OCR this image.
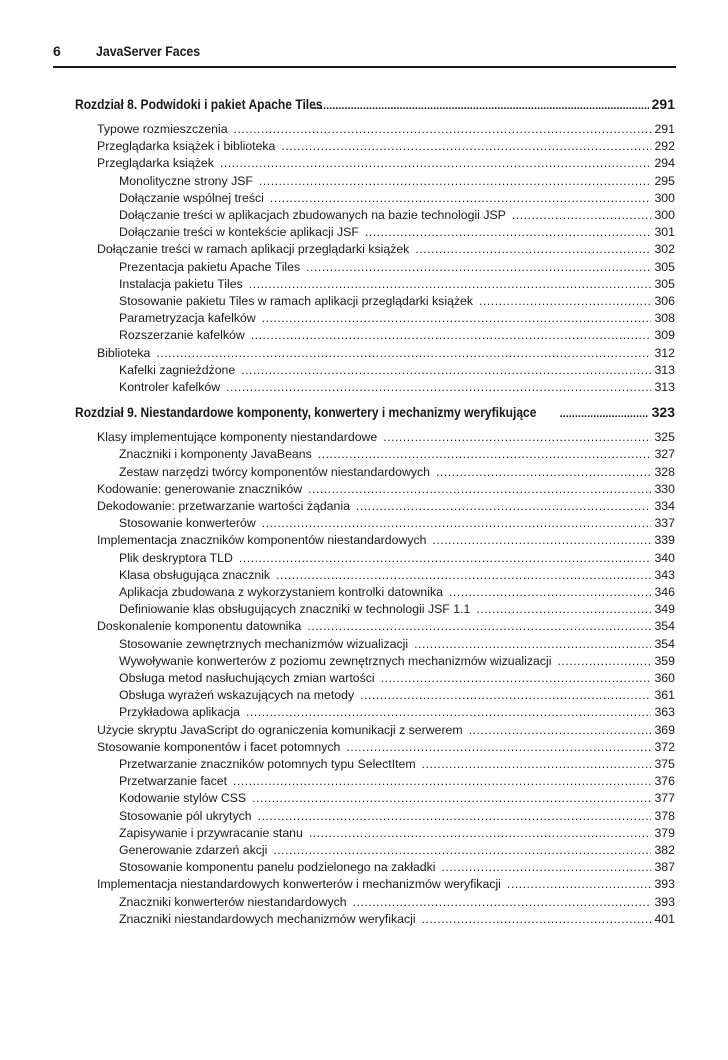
6	JavaServer Faces
Rozdział 8. Podwidoki i pakiet Apache Tiles .....	291
Typowe rozmieszczenia .....	291
Przeglądarka książek i biblioteka .....	292
Przeglądarka książek .....	294
Monolityczne strony JSF .....	295
Dołączanie wspólnej treści .....	300
Dołączanie treści w aplikacjach zbudowanych na bazie technologii JSP .....	300
Dołączanie treści w kontekście aplikacji JSF .....	301
Dołączanie treści w ramach aplikacji przeglądarki książek .....	302
Prezentacja pakietu Apache Tiles .....	305
Instalacja pakietu Tiles .....	305
Stosowanie pakietu Tiles w ramach aplikacji przeglądarki książek .....	306
Parametryzacja kafelków .....	308
Rozszerzanie kafelków .....	309
Biblioteka .....	312
Kafelki zagnieżdżone .....	313
Kontroler kafelków .....	313
Rozdział 9. Niestandardowe komponenty, konwertery i mechanizmy weryfikujące .....	323
Klasy implementujące komponenty niestandardowe .....	325
Znaczniki i komponenty JavaBeans .....	327
Zestaw narzędzi twórcy komponentów niestandardowych .....	328
Kodowanie: generowanie znaczników .....	330
Dekodowanie: przetwarzanie wartości żądania .....	334
Stosowanie konwerterów .....	337
Implementacja znaczników komponentów niestandardowych .....	339
Plik deskryptora TLD .....	340
Klasa obsługująca znacznik .....	343
Aplikacja zbudowana z wykorzystaniem kontrolki datownika .....	346
Definiowanie klas obsługujących znaczniki w technologii JSF 1.1 .....	349
Doskonalenie komponentu datownika .....	354
Stosowanie zewnętrznych mechanizmów wizualizacji .....	354
Wywoływanie konwerterów z poziomu zewnętrznych mechanizmów wizualizacji .....	359
Obsługa metod nasłuchujących zmian wartości .....	360
Obsługa wyrażeń wskazujących na metody .....	361
Przykładowa aplikacja .....	363
Użycie skryptu JavaScript do ograniczenia komunikacji z serwerem .....	369
Stosowanie komponentów i facet potomnych .....	372
Przetwarzanie znaczników potomnych typu SelectItem .....	375
Przetwarzanie facet .....	376
Kodowanie stylów CSS .....	377
Stosowanie pól ukrytych .....	378
Zapisywanie i przywracanie stanu .....	379
Generowanie zdarzeń akcji .....	382
Stosowanie komponentu panelu podzielonego na zakładki .....	387
Implementacja niestandardowych konwerterów i mechanizmów weryfikacji .....	393
Znaczniki konwerterów niestandardowych .....	393
Znaczniki niestandardowych mechanizmów weryfikacji .....	401
